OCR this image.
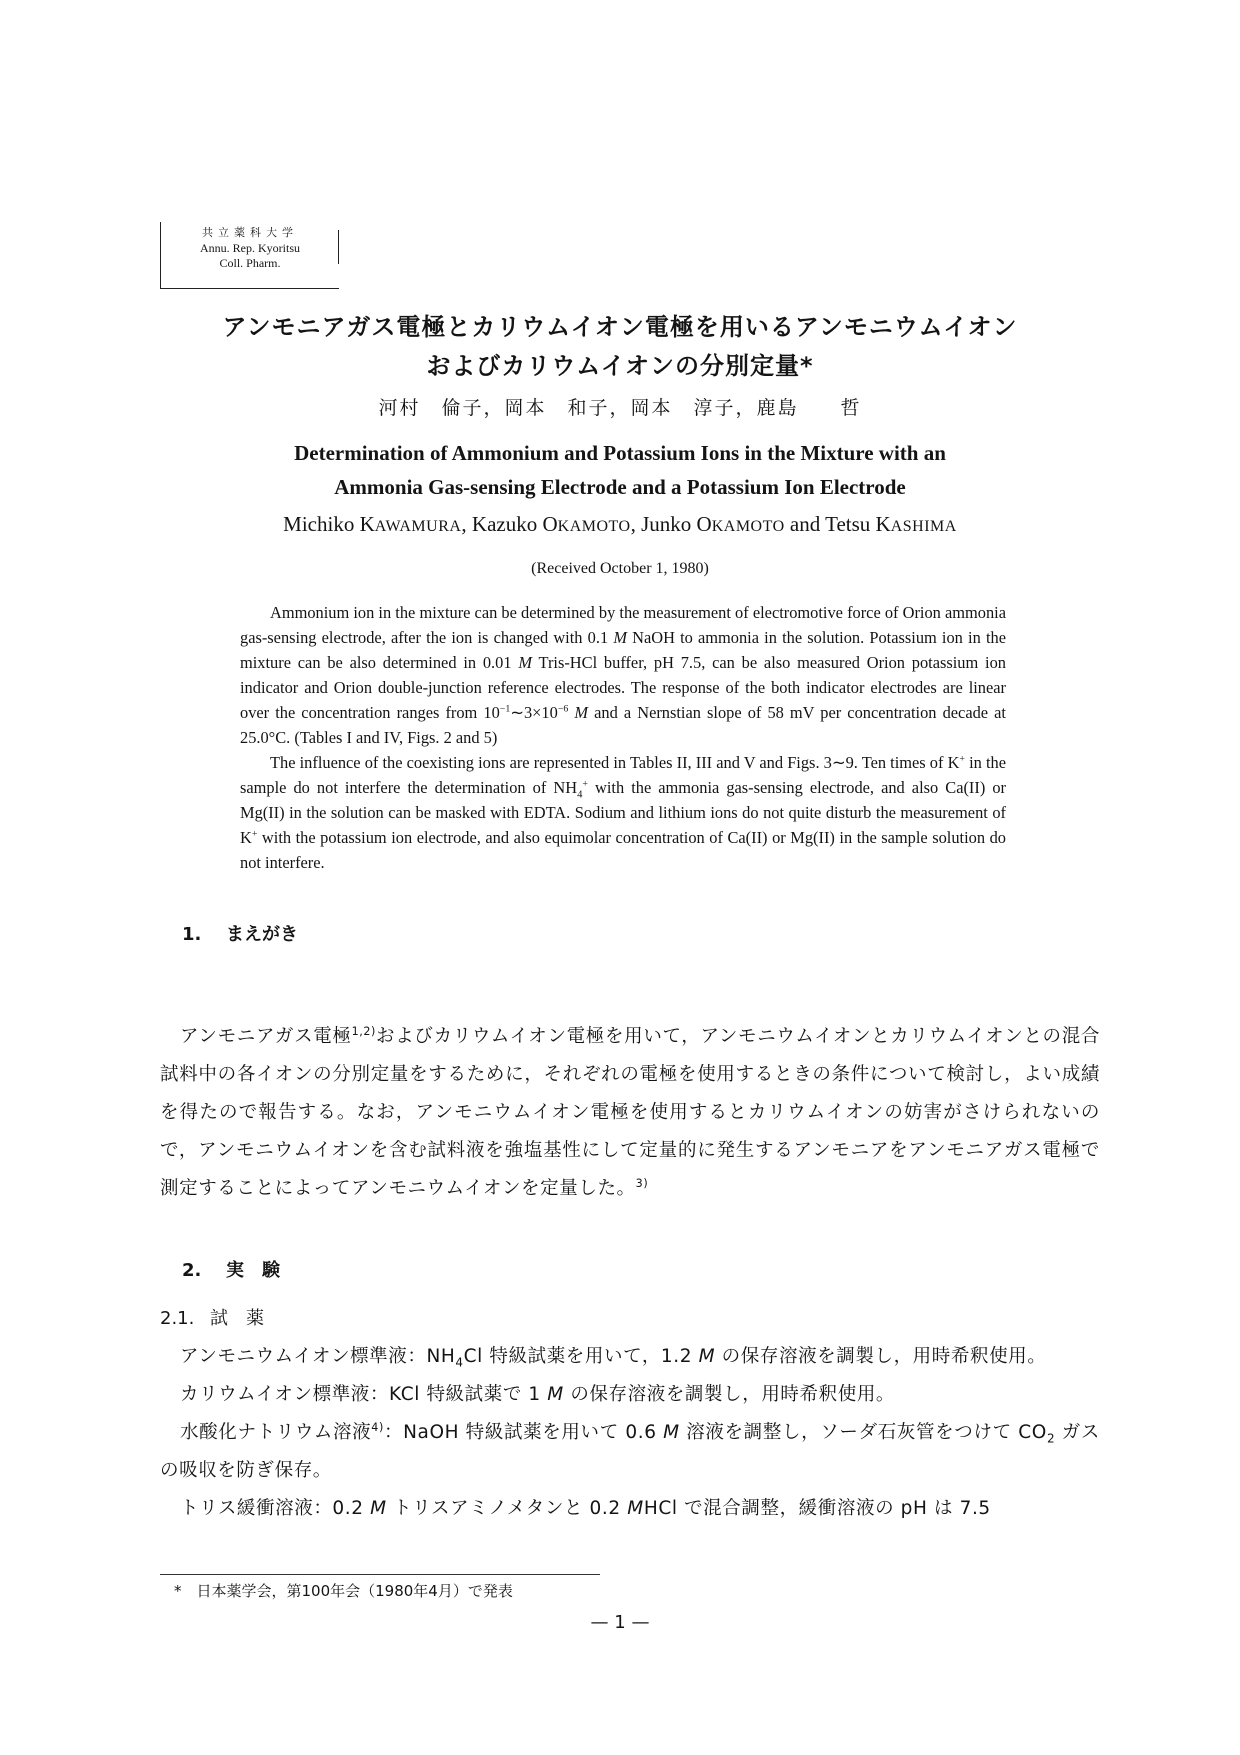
共立薬科大学
Annu. Rep. Kyoritsu
Coll. Pharm.
アンモニアガス電極とカリウムイオン電極を用いるアンモニウムイオン
およびカリウムイオンの分別定量*
河村　倫子，岡本　和子，岡本　淳子，鹿島　　哲
Determination of Ammonium and Potassium Ions in the Mixture with an
Ammonia Gas-sensing Electrode and a Potassium Ion Electrode
Michiko KAWAMURA, Kazuko OKAMOTO, Junko OKAMOTO and Tetsu KASHIMA
(Received October 1, 1980)

Ammonium ion in the mixture can be determined by the measurement of electromotive force of Orion ammonia gas-sensing electrode, after the ion is changed with 0.1 M NaOH to ammonia in the solution. Potassium ion in the mixture can be also determined in 0.01 M Tris-HCl buffer, pH 7.5, can be also measured Orion potassium ion indicator and Orion double-junction reference electrodes. The response of the both indicator electrodes are linear over the concentration ranges from $10^{-1}\sim 3\times 10^{-6}$ M and a Nernstian slope of 58 mV per concentration decade at 25.0°C. (Tables I and IV, Figs. 2 and 5)

The influence of the coexisting ions are represented in Tables II, III and V and Figs. 3∼9. Ten times of K+ in the sample do not interfere the determination of $NH_4^+$ with the ammonia gas-sensing electrode, and also Ca(II) or Mg(II) in the solution can be masked with EDTA. Sodium and lithium ions do not quite disturb the measurement of K+ with the potassium ion electrode, and also equimolar concentration of Ca(II) or Mg(II) in the sample solution do not interfere.

1. まえがき

アンモニアガス電極$^{1,2)}$およびカリウムイオン電極を用いて，アンモニウムイオンとカリウムイオンとの混合試料中の各イオンの分別定量をするために，それぞれの電極を使用するときの条件について検討し，よい成績を得たので報告する。なお，アンモニウムイオン電極を使用するとカリウムイオンの妨害がさけられないので，アンモニウムイオンを含む試料液を強塩基性にして定量的に発生するアンモニアをアンモニアガス電極で測定することによってアンモニウムイオンを定量した。$^{3)}$

2. 実　験
2.1. 試　薬

アンモニウムイオン標準液：$NH_4Cl$ 特級試薬を用いて，1.2 M の保存溶液を調製し，用時希釈使用。

カリウムイオン標準液：KCl 特級試薬で 1 M の保存溶液を調製し，用時希釈使用。

水酸化ナトリウム溶液$^{4)}$：NaOH 特級試薬を用いて 0.6 M 溶液を調整し，ソーダ石灰管をつけて $CO_2$ ガスの吸収を防ぎ保存。

トリス緩衝溶液：0.2 M トリスアミノメタンと 0.2 MHCl で混合調整，緩衝溶液の pH は 7.5

*　日本薬学会，第100年会（1980年4月）で発表
— 1 —
